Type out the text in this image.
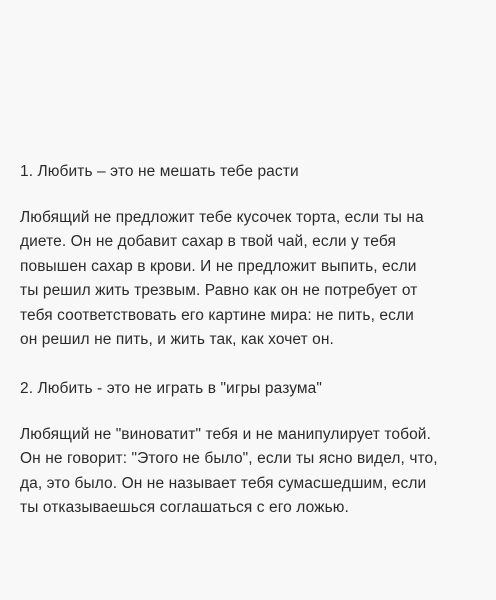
1. Любить – это не мешать тебе расти
Любящий не предложит тебе кусочек торта, если ты на
диете. Он не добавит сахар в твой чай, если у тебя
повышен сахар в крови. И не предложит выпить, если
ты решил жить трезвым. Равно как он не потребует от
тебя соответствовать его картине мира: не пить, если
он решил не пить, и жить так, как хочет он.
2. Любить - это не играть в "игры разума"
Любящий не "виноватит" тебя и не манипулирует тобой.
Он не говорит: "Этого не было", если ты ясно видел, что,
да, это было. Он не называет тебя сумасшедшим, если
ты отказываешься соглашаться с его ложью.
